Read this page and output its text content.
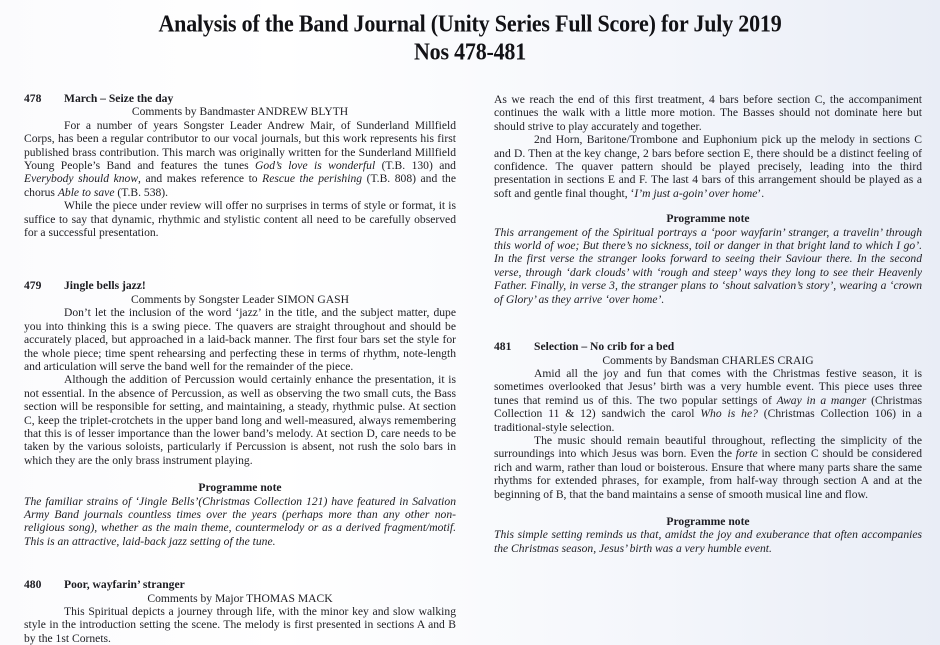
Analysis of the Band Journal (Unity Series Full Score) for July 2019
Nos 478-481
478	March – Seize the day
Comments by Bandmaster ANDREW BLYTH

For a number of years Songster Leader Andrew Mair, of Sunderland Millfield Corps, has been a regular contributor to our vocal journals, but this work represents his first published brass contribution. This march was originally written for the Sunderland Millfield Young People’s Band and features the tunes God’s love is wonderful (T.B. 130) and Everybody should know, and makes reference to Rescue the perishing (T.B. 808) and the chorus Able to save (T.B. 538).

While the piece under review will offer no surprises in terms of style or format, it is suffice to say that dynamic, rhythmic and stylistic content all need to be carefully observed for a successful presentation.

479	Jingle bells jazz!
Comments by Songster Leader SIMON GASH

Don’t let the inclusion of the word ‘jazz’ in the title, and the subject matter, dupe you into thinking this is a swing piece. The quavers are straight throughout and should be accurately placed, but approached in a laid-back manner. The first four bars set the style for the whole piece; time spent rehearsing and perfecting these in terms of rhythm, note-length and articulation will serve the band well for the remainder of the piece.

Although the addition of Percussion would certainly enhance the presentation, it is not essential. In the absence of Percussion, as well as observing the two small cuts, the Bass section will be responsible for setting, and maintaining, a steady, rhythmic pulse. At section C, keep the triplet-crotchets in the upper band long and well-measured, always remembering that this is of lesser importance than the lower band’s melody. At section D, care needs to be taken by the various soloists, particularly if Percussion is absent, not rush the solo bars in which they are the only brass instrument playing.

Programme note
The familiar strains of ‘Jingle Bells’(Christmas Collection 121) have featured in Salvation Army Band journals countless times over the years (perhaps more than any other non-religious song), whether as the main theme, countermelody or as a derived fragment/motif. This is an attractive, laid-back jazz setting of the tune.
480	Poor, wayfarin’ stranger
Comments by Major THOMAS MACK

This Spiritual depicts a journey through life, with the minor key and slow walking style in the introduction setting the scene. The melody is first presented in sections A and B by the 1st Cornets.

As we reach the end of this first treatment, 4 bars before section C, the accompaniment continues the walk with a little more motion. The Basses should not dominate here but should strive to play accurately and together.

2nd Horn, Baritone/Trombone and Euphonium pick up the melody in sections C and D. Then at the key change, 2 bars before section E, there should be a distinct feeling of confidence. The quaver pattern should be played precisely, leading into the third presentation in sections E and F. The last 4 bars of this arrangement should be played as a soft and gentle final thought, ‘I’m just a-goin’ over home’.

Programme note
This arrangement of the Spiritual portrays a ‘poor wayfarin’ stranger, a travelin’ through this world of woe; But there’s no sickness, toil or danger in that bright land to which I go’. In the first verse the stranger looks forward to seeing their Saviour there. In the second verse, through ‘dark clouds’ with ‘rough and steep’ ways they long to see their Heavenly Father. Finally, in verse 3, the stranger plans to ‘shout salvation’s story’, wearing a ‘crown of Glory’ as they arrive ‘over home’.
481	Selection – No crib for a bed
Comments by Bandsman CHARLES CRAIG

Amid all the joy and fun that comes with the Christmas festive season, it is sometimes overlooked that Jesus’ birth was a very humble event. This piece uses three tunes that remind us of this. The two popular settings of Away in a manger (Christmas Collection 11 & 12) sandwich the carol Who is he? (Christmas Collection 106) in a traditional-style selection.

The music should remain beautiful throughout, reflecting the simplicity of the surroundings into which Jesus was born. Even the forte in section C should be considered rich and warm, rather than loud or boisterous. Ensure that where many parts share the same rhythms for extended phrases, for example, from half-way through section A and at the beginning of B, that the band maintains a sense of smooth musical line and flow.

Programme note
This simple setting reminds us that, amidst the joy and exuberance that often accompanies the Christmas season, Jesus’ birth was a very humble event.
